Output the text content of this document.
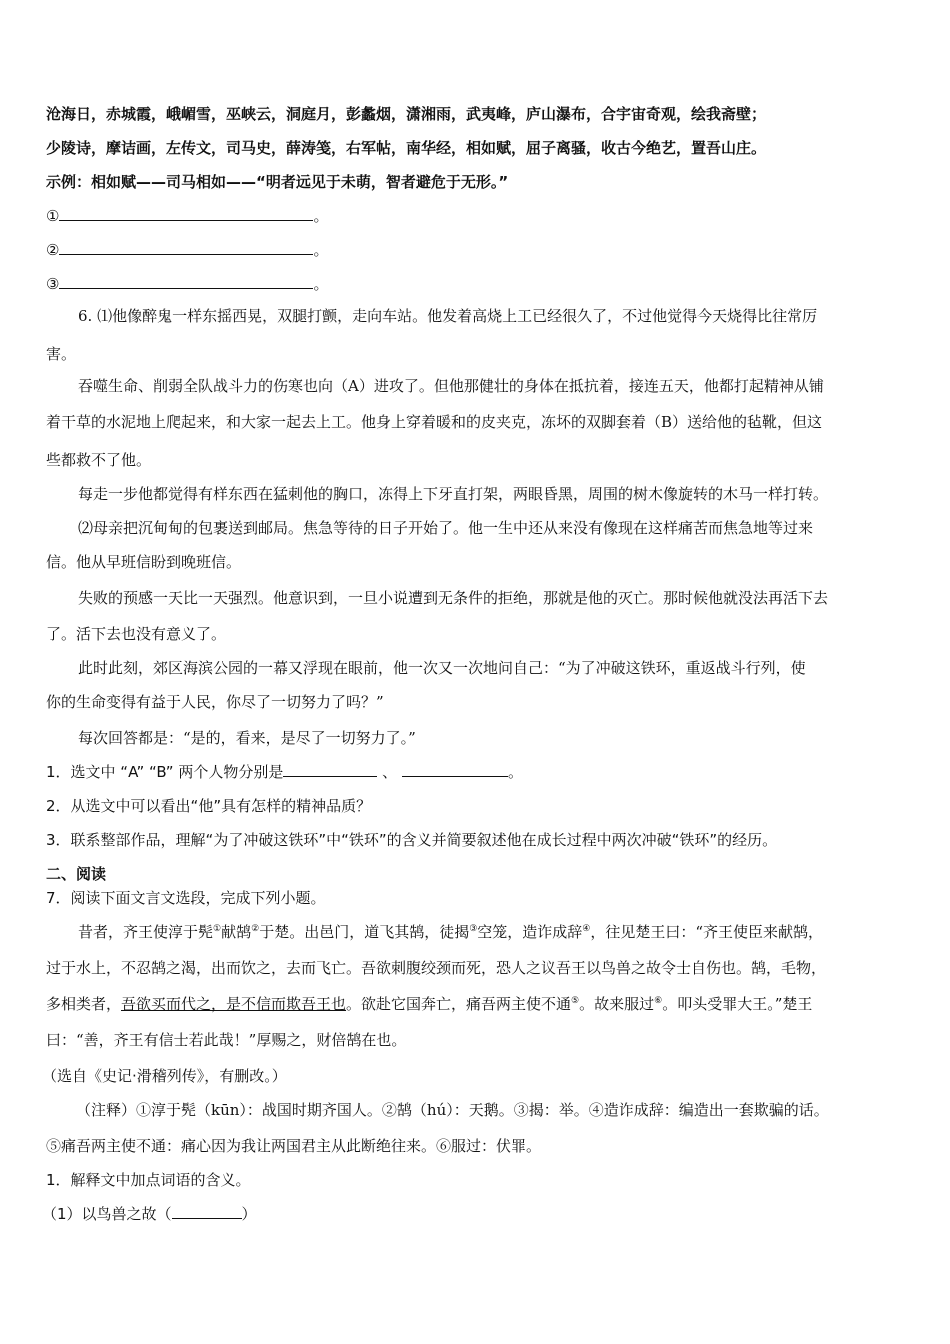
沧海日，赤城霞，峨嵋雪，巫峡云，洞庭月，彭蠡烟，潇湘雨，武夷峰，庐山瀑布，合宇宙奇观，绘我斋壁；
少陵诗，摩诘画，左传文，司马史，薛涛笺，右军帖，南华经，相如赋，屈子离骚，收古今绝艺，置吾山庄。
示例：相如赋——司马相如——“明者远见于未萌，智者避危于无形。”
①	。
②	。
③	。
6. ⑴他像醉鬼一样东摇西晃，双腿打颤，走向车站。他发着高烧上工已经很久了，不过他觉得今天烧得比往常厉
害。
吞噬生命、削弱全队战斗力的伤寒也向（A）进攻了。但他那健壮的身体在抵抗着，接连五天，他都打起精神从铺
着干草的水泥地上爬起来，和大家一起去上工。他身上穿着暖和的皮夹克，冻坏的双脚套着（B）送给他的毡靴，但这
些都救不了他。
每走一步他都觉得有样东西在猛刺他的胸口，冻得上下牙直打架，两眼昏黑，周围的树木像旋转的木马一样打转。
⑵母亲把沉甸甸的包裹送到邮局。焦急等待的日子开始了。他一生中还从来没有像现在这样痛苦而焦急地等过来
信。他从早班信盼到晚班信。
失败的预感一天比一天强烈。他意识到，一旦小说遭到无条件的拒绝，那就是他的灭亡。那时候他就没法再活下去
了。活下去也没有意义了。
此时此刻，郊区海滨公园的一幕又浮现在眼前，他一次又一次地问自己：“为了冲破这铁环，重返战斗行列，使
你的生命变得有益于人民，你尽了一切努力了吗？”
每次回答都是：“是的，看来，是尽了一切努力了。”
1．选文中 “A” “B” 两个人物分别是	、	。
2．从选文中可以看出“他”具有怎样的精神品质？
3．联系整部作品，理解“为了冲破这铁环”中“铁环”的含义并简要叙述他在成长过程中两次冲破“铁环”的经历。
二、阅读
7．阅读下面文言文选段，完成下列小题。
昔者，齐王使淳于髡①献鹄②于楚。出邑门，道飞其鹄，徒揭③空笼，造诈成辞④，往见楚王曰：“齐王使臣来献鹄，
过于水上，不忍鹄之渴，出而饮之，去而飞亡。吾欲刺腹绞颈而死，恐人之议吾王以鸟兽之故令士自伤也。鹄，毛物，
多相类者，吾欲买而代之，是不信而欺吾王也。欲赴它国奔亡，痛吾两主使不通⑤。故来服过⑥。叩头受罪大王。”楚王
曰：“善，齐王有信士若此哉！”厚赐之，财倍鹄在也。
（选自《史记·滑稽列传》，有删改。）
（注释）①淳于髡（kūn）：战国时期齐国人。②鹄（hú）：天鹅。③揭：举。④造诈成辞：编造出一套欺骗的话。
⑤痛吾两主使不通：痛心因为我让两国君主从此断绝往来。⑥服过：伏罪。
1．解释文中加点词语的含义。
（1）以鸟兽之故（	）
